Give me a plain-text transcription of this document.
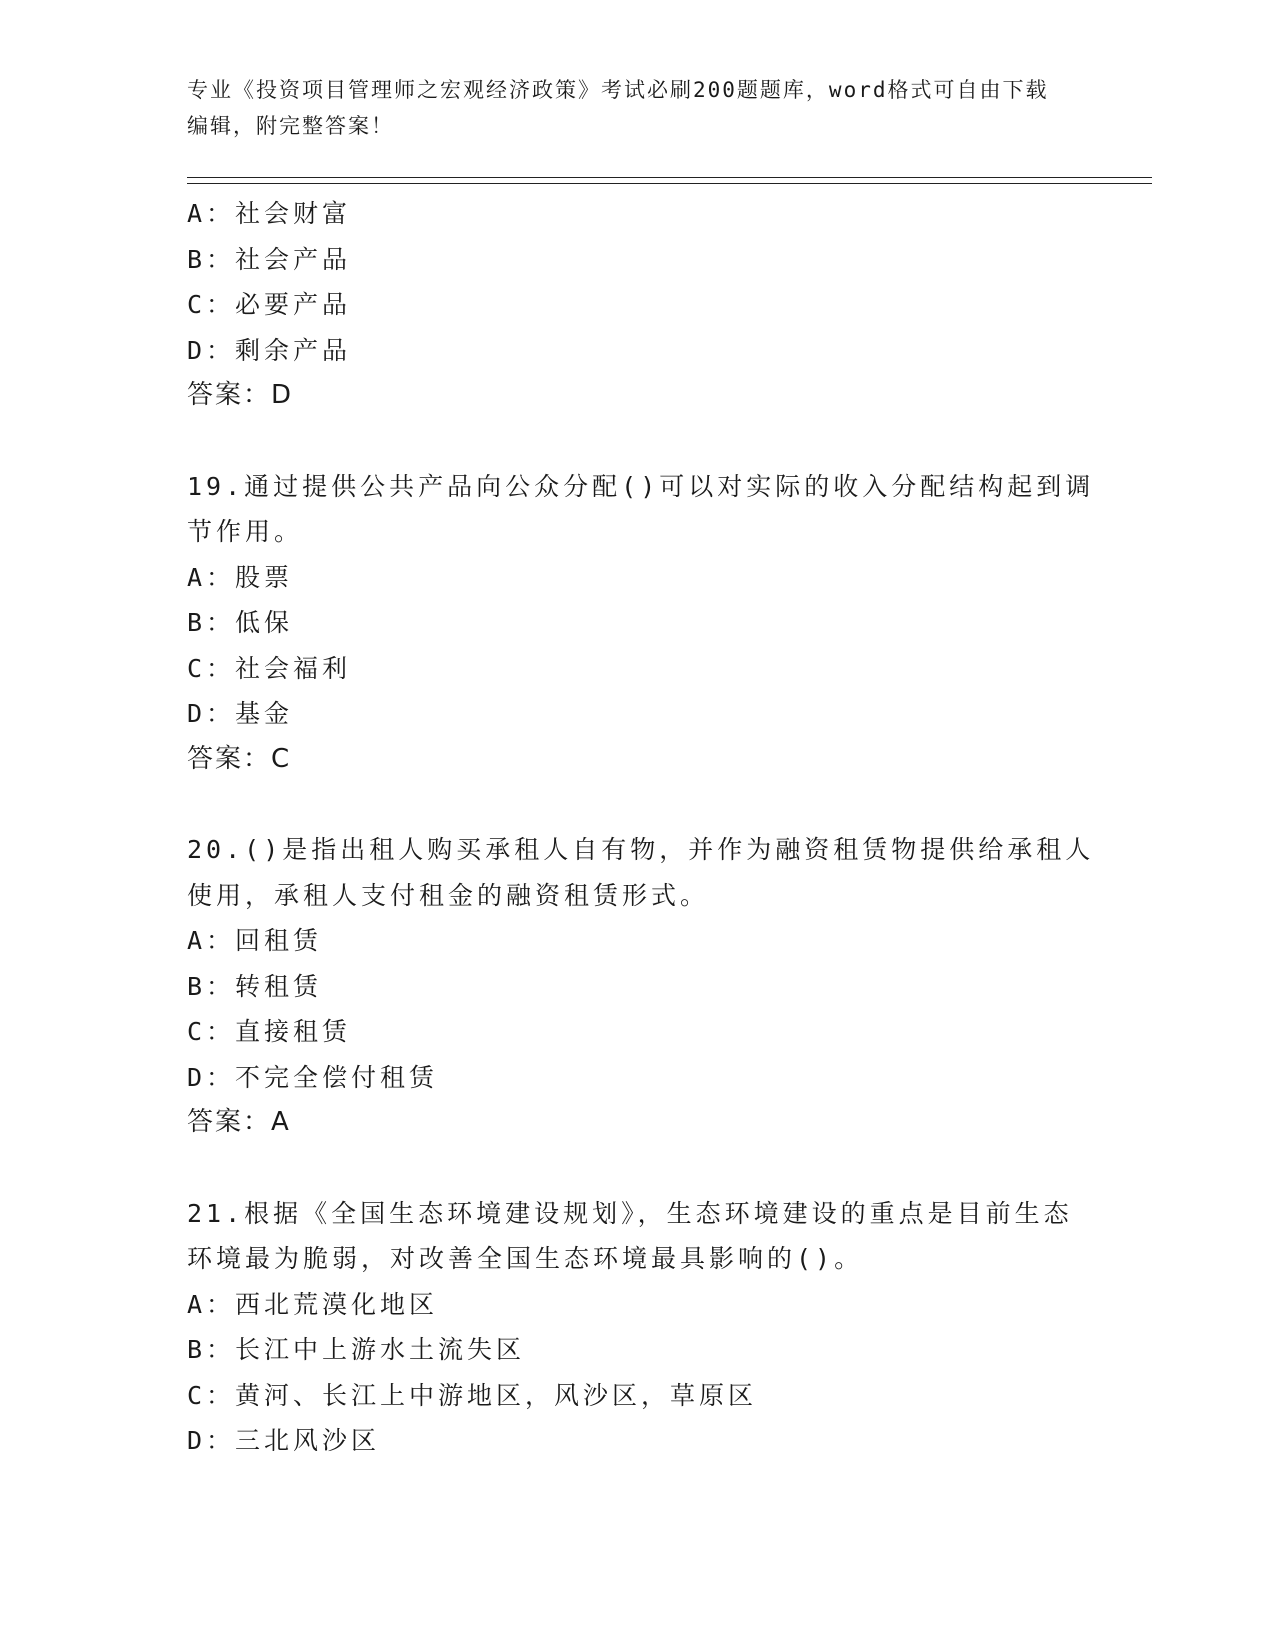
专业《投资项目管理师之宏观经济政策》考试必刷200题题库，word格式可自由下载编辑，附完整答案！
A：社会财富
B：社会产品
C：必要产品
D：剩余产品
答案：D
19.通过提供公共产品向公众分配()可以对实际的收入分配结构起到调
节作用。
A：股票
B：低保
C：社会福利
D：基金
答案：C
20.()是指出租人购买承租人自有物，并作为融资租赁物提供给承租人
使用，承租人支付租金的融资租赁形式。
A：回租赁
B：转租赁
C：直接租赁
D：不完全偿付租赁
答案：A
21.根据《全国生态环境建设规划》，生态环境建设的重点是目前生态
环境最为脆弱，对改善全国生态环境最具影响的()。
A：西北荒漠化地区
B：长江中上游水土流失区
C：黄河、长江上中游地区，风沙区，草原区
D：三北风沙区
